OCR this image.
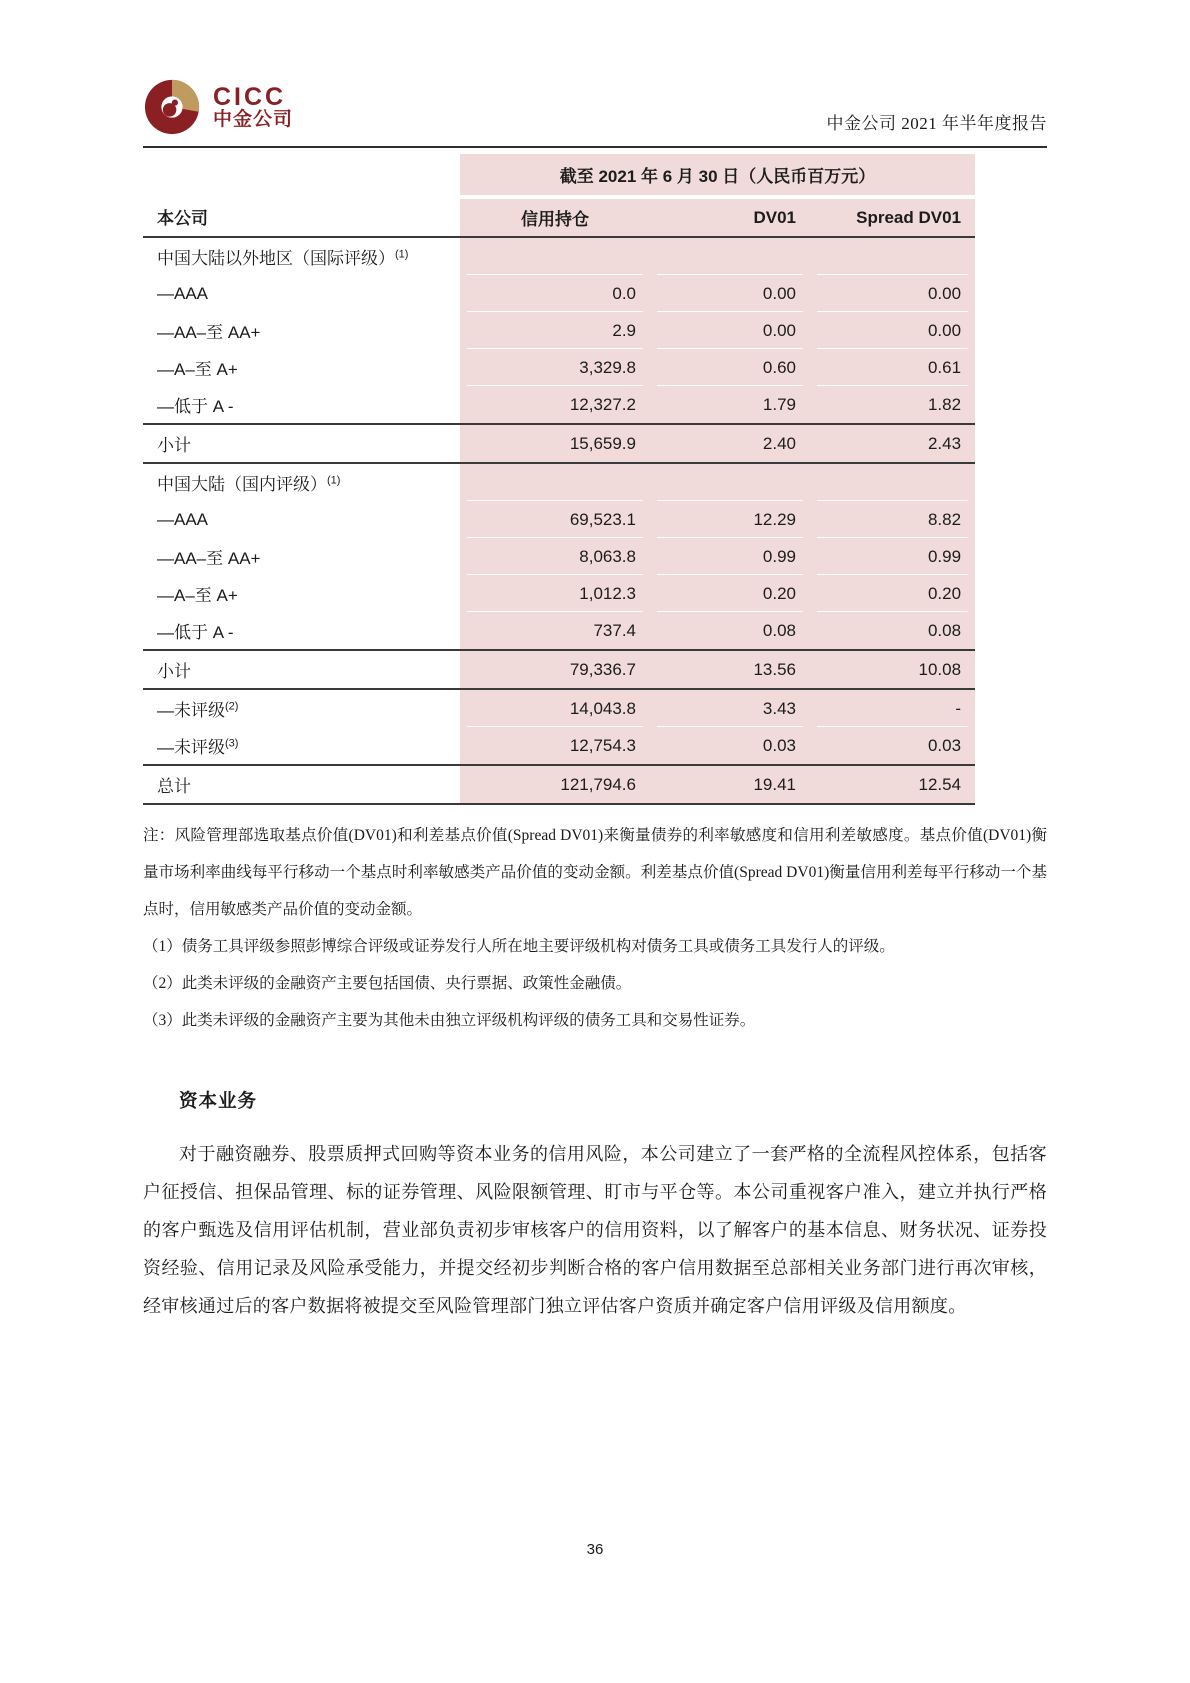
CICC
中金公司	中金公司 2021 年半年度报告
	截至 2021 年 6 月 30 日（人民币百万元）		
本公司	信用持仓	DV01	Spread DV01
中国大陆以外地区（国际评级）$^{(1)}$			
—AAA	0.0	0.00	0.00
—AA–至 AA+	2.9	0.00	0.00
—A–至 A+	3,329.8	0.60	0.61
—低于 A -	12,327.2	1.79	1.82
小计	15,659.9	2.40	2.43
中国大陆（国内评级）$^{(1)}$			
—AAA	69,523.1	12.29	8.82
—AA–至 AA+	8,063.8	0.99	0.99
—A–至 A+	1,012.3	0.20	0.20
—低于 A -	737.4	0.08	0.08
小计	79,336.7	13.56	10.08
—未评级$^{(2)}$	14,043.8	3.43	-
—未评级$^{(3)}$	12,754.3	0.03	0.03
总计	121,794.6	19.41	12.54

注：风险管理部选取基点价值(DV01)和利差基点价值(Spread DV01)来衡量债券的利率敏感度和信用利差敏感度。基点价值(DV01)衡量市场利率曲线每平行移动一个基点时利率敏感类产品价值的变动金额。利差基点价值(Spread DV01)衡量信用利差每平行移动一个基点时，信用敏感类产品价值的变动金额。

（1）债务工具评级参照彭博综合评级或证券发行人所在地主要评级机构对债务工具或债务工具发行人的评级。

（2）此类未评级的金融资产主要包括国债、央行票据、政策性金融债。

（3）此类未评级的金融资产主要为其他未由独立评级机构评级的债务工具和交易性证券。

资本业务

对于融资融券、股票质押式回购等资本业务的信用风险，本公司建立了一套严格的全流程风控体系，包括客户征授信、担保品管理、标的证券管理、风险限额管理、盯市与平仓等。本公司重视客户准入，建立并执行严格的客户甄选及信用评估机制，营业部负责初步审核客户的信用资料，以了解客户的基本信息、财务状况、证券投资经验、信用记录及风险承受能力，并提交经初步判断合格的客户信用数据至总部相关业务部门进行再次审核，经审核通过后的客户数据将被提交至风险管理部门独立评估客户资质并确定客户信用评级及信用额度。

36
